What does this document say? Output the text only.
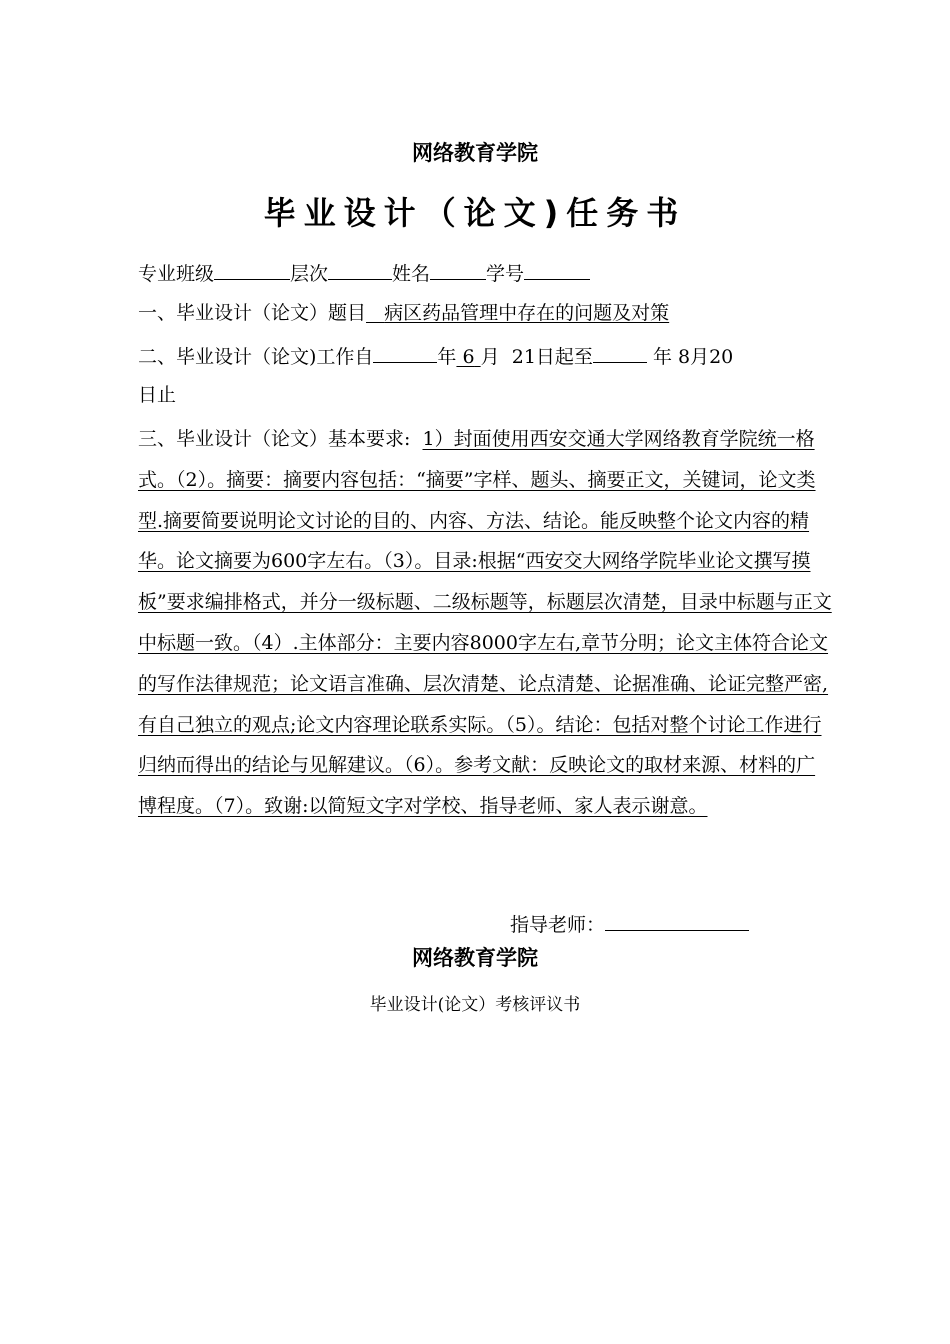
网络教育学院
毕业设计（论文)任务书
专业班级	层次	姓名	学号
一、毕业设计（论文）题目 病区药品管理中存在的问题及对策
二、毕业设计（论文)工作自	年 6 月 21日起至	年 8月20
日止
三、毕业设计（论文）基本要求: 1）封面使用西安交通大学网络教育学院统一格式。（2）。摘要：摘要内容包括：“摘要”字样、题头、摘要正文，关键词，论文类型.摘要简要说明论文讨论的目的、内容、方法、结论。能反映整个论文内容的精华。论文摘要为600字左右。（3）。目录:根据“西安交大网络学院毕业论文撰写摸板”要求编排格式，并分一级标题、二级标题等，标题层次清楚，目录中标题与正文中标题一致。（4）.主体部分：主要内容8000字左右,章节分明；论文主体符合论文的写作法律规范；论文语言准确、层次清楚、论点清楚、论据准确、论证完整严密,有自己独立的观点;论文内容理论联系实际。（5）。结论：包括对整个讨论工作进行归纳而得出的结论与见解建议。（6）。参考文献：反映论文的取材来源、材料的广博程度。（7）。致谢:以简短文字对学校、指导老师、家人表示谢意。
指导老师：
网络教育学院
毕业设计(论文）考核评议书
